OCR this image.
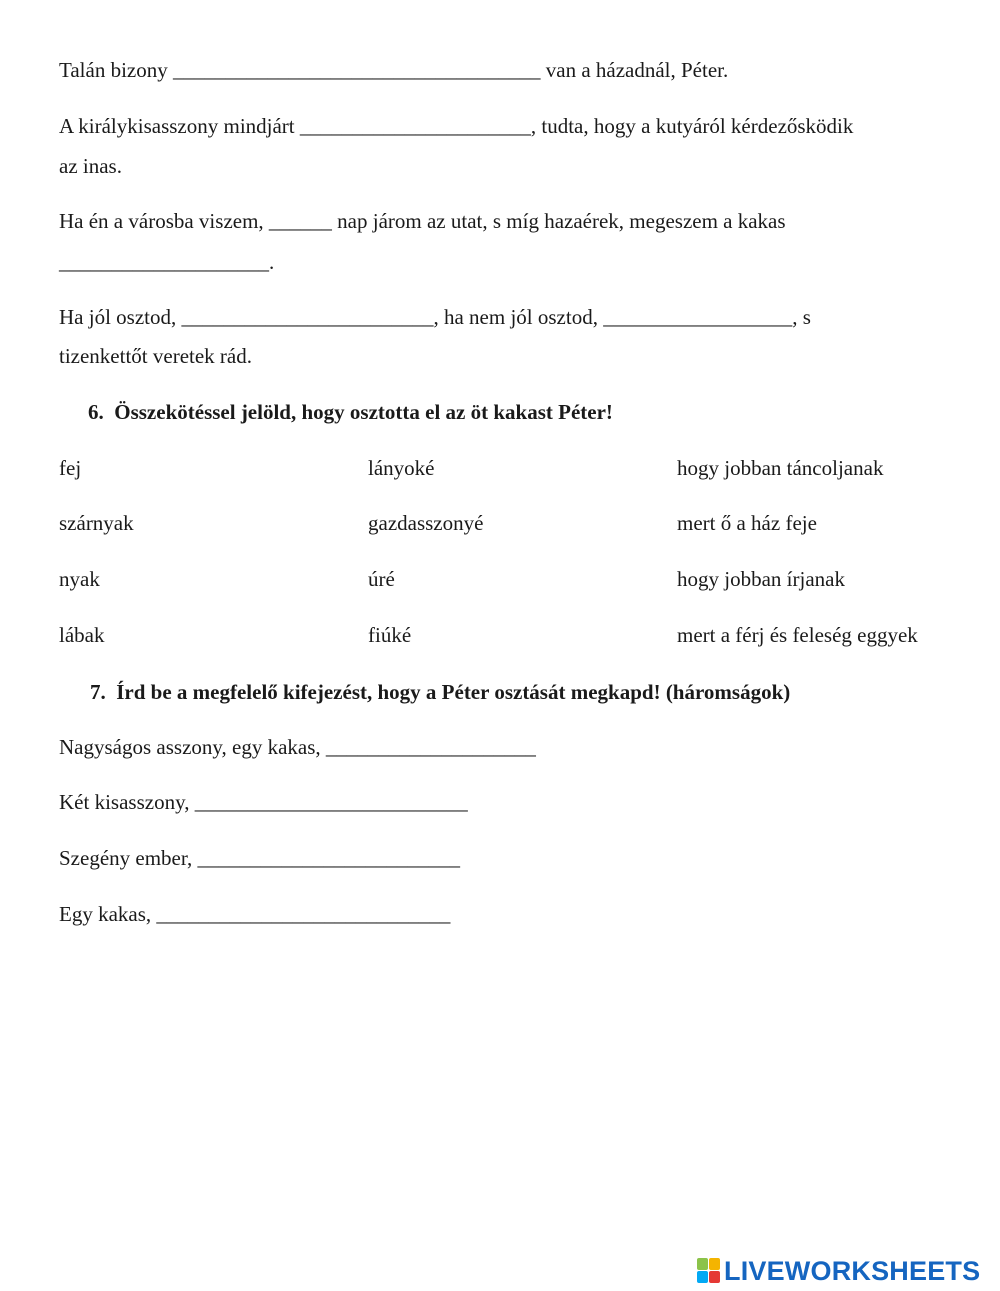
Talán bizony ___________________________________ van a házadnál, Péter.
A királykisasszony mindjárt ______________________, tudta, hogy a kutyáról kérdezősködik
az inas.
Ha én a városba viszem, ______ nap járom az utat, s míg hazaérek, megeszem a kakas
____________________.
Ha jól osztod, ________________________, ha nem jól osztod, __________________, s
tizenkettőt veretek rád.
6. Összekötéssel jelöld, hogy osztotta el az öt kakast Péter!
fej	lányoké	hogy jobban táncoljanak
szárnyak	gazdasszonyé	mert ő a ház feje
nyak	úré	hogy jobban írjanak
lábak	fiúké	mert a férj és feleség eggyek
7. Írd be a megfelelő kifejezést, hogy a Péter osztását megkapd! (háromságok)
Nagyságos asszony, egy kakas, ____________________
Két kisasszony, __________________________
Szegény ember, _________________________
Egy kakas, ____________________________
LIVEWORKSHEETS
